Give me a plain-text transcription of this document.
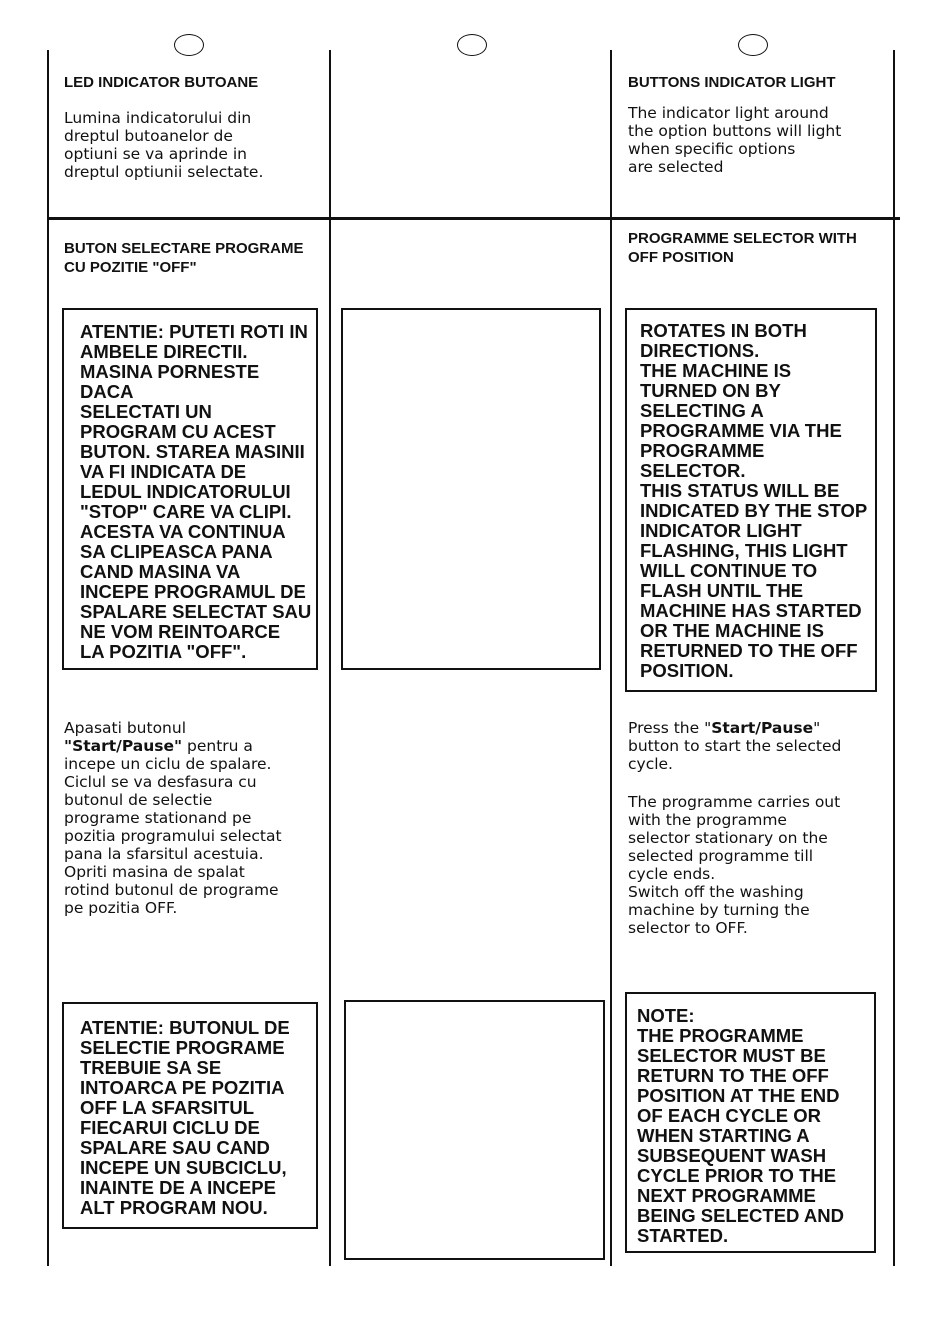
LED INDICATOR BUTOANE

Lumina indicatorului din
dreptul butoanelor de
optiuni se va aprinde in
dreptul optiunii selectate.

BUTON SELECTARE PROGRAME
CU POZITIE "OFF"

ATENTIE: PUTETI ROTI IN
AMBELE DIRECTII.
MASINA PORNESTE
DACA
SELECTATI UN
PROGRAM CU ACEST
BUTON. STAREA MASINII
VA FI INDICATA DE
LEDUL INDICATORULUI
"STOP" CARE VA CLIPI.
ACESTA VA CONTINUA
SA CLIPEASCA PANA
CAND MASINA VA
INCEPE PROGRAMUL DE
SPALARE SELECTAT SAU
NE VOM REINTOARCE
LA POZITIA "OFF".

Apasati butonul
"Start/Pause" pentru a
incepe un ciclu de spalare.
Ciclul se va desfasura cu
butonul de selectie
programe stationand pe
pozitia programului selectat
pana la sfarsitul acestuia.
Opriti masina de spalat
rotind butonul de programe
pe pozitia OFF.

ATENTIE: BUTONUL DE
SELECTIE PROGRAME
TREBUIE SA SE
INTOARCA PE POZITIA
OFF LA SFARSITUL
FIECARUI CICLU DE
SPALARE SAU CAND
INCEPE UN SUBCICLU,
INAINTE DE A INCEPE
ALT PROGRAM NOU.

BUTTONS INDICATOR LIGHT

The indicator light around
the option buttons will light
when specific options
are selected

PROGRAMME SELECTOR WITH
OFF POSITION

ROTATES IN BOTH
DIRECTIONS.
THE MACHINE IS
TURNED ON BY
SELECTING A
PROGRAMME VIA THE
PROGRAMME
SELECTOR.
THIS STATUS WILL BE
INDICATED BY THE STOP
INDICATOR LIGHT
FLASHING, THIS LIGHT
WILL CONTINUE TO
FLASH UNTIL THE
MACHINE HAS STARTED
OR THE MACHINE IS
RETURNED TO THE OFF
POSITION.

Press the "Start/Pause"
button to start the selected
cycle.

The programme carries out
with the programme
selector stationary on the
selected programme till
cycle ends.
Switch off the washing
machine by turning the
selector to OFF.

NOTE:
THE PROGRAMME
SELECTOR MUST BE
RETURN TO THE OFF
POSITION AT THE END
OF EACH CYCLE OR
WHEN STARTING A
SUBSEQUENT WASH
CYCLE PRIOR TO THE
NEXT PROGRAMME
BEING SELECTED AND
STARTED.
